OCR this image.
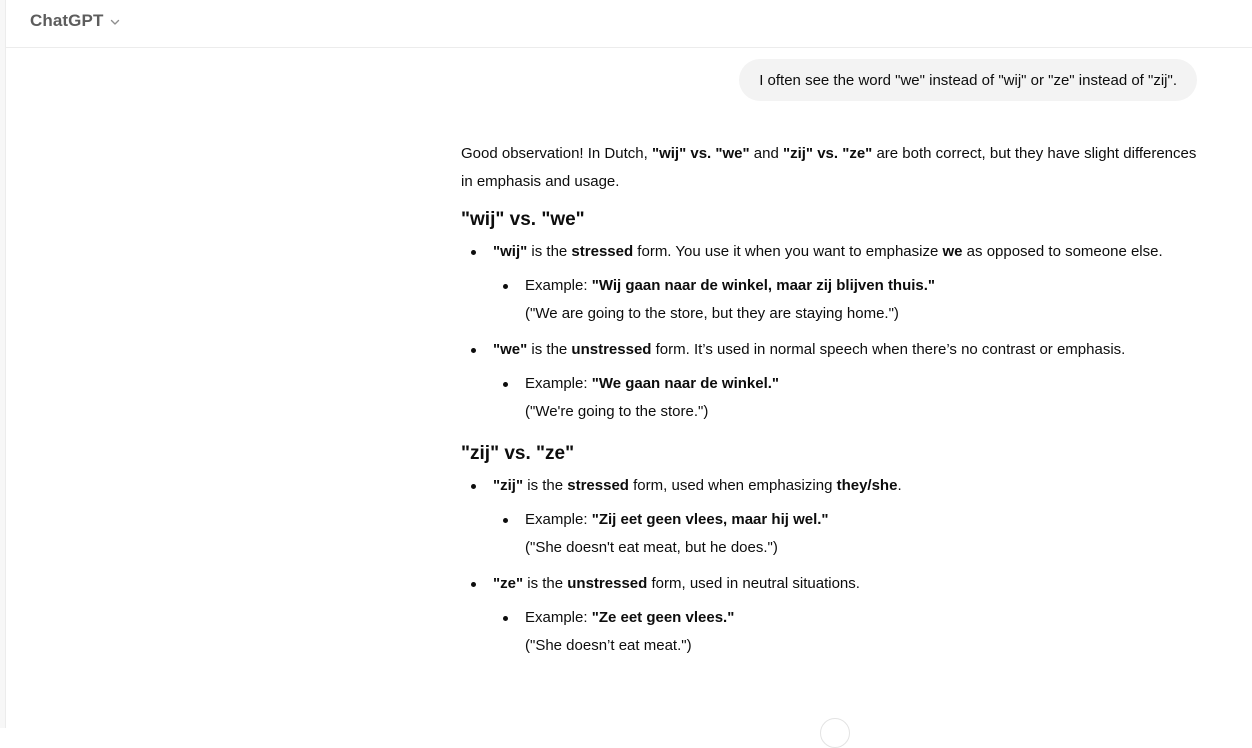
ChatGPT
I often see the word "we" instead of "wij" or "ze" instead of "zij".

Good observation! In Dutch, "wij" vs. "we" and "zij" vs. "ze" are both correct, but they have slight differences in emphasis and usage.

"wij" vs. "we"
"wij" is the stressed form. You use it when you want to emphasize we as opposed to someone else.
Example: "Wij gaan naar de winkel, maar zij blijven thuis."
("We are going to the store, but they are staying home.")
"we" is the unstressed form. It’s used in normal speech when there’s no contrast or emphasis.
Example: "We gaan naar de winkel."
("We're going to the store.")
"zij" vs. "ze"
"zij" is the stressed form, used when emphasizing they/she.
Example: "Zij eet geen vlees, maar hij wel."
("She doesn't eat meat, but he does.")
"ze" is the unstressed form, used in neutral situations.
Example: "Ze eet geen vlees."
("She doesn’t eat meat.")
